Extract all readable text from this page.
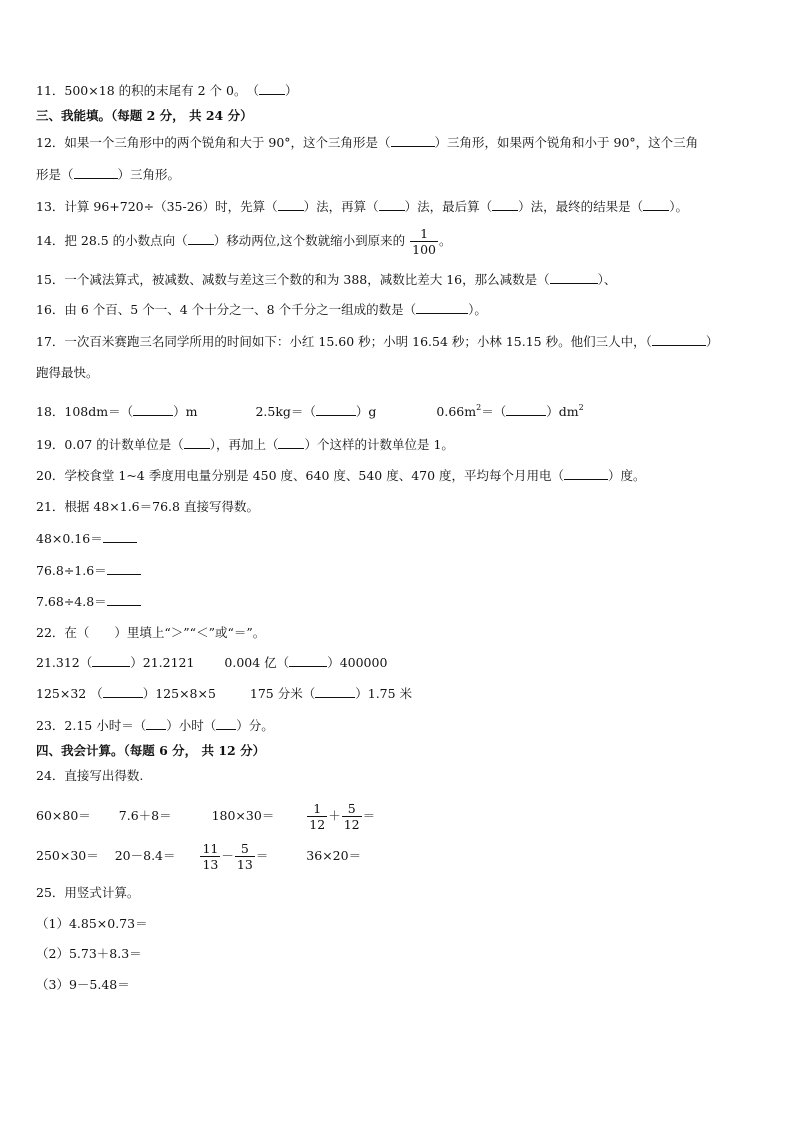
11．500×18 的积的末尾有 2 个 0。　（ ）
三、我能填。（每题 2 分， 共 24 分）
12．如果一个三角形中的两个锐角和大于 90°，这个三角形是（	）三角形，如果两个锐角和小于 90°，这个三角
形是（	）三角形。
13．计算 96+720÷（35-26）时，先算（ ）法，再算（ ）法，最后算（ ）法，最终的结果是（ ）。
14．把 28.5 的小数点向（ ）移动两位,这个数就缩小到原来的 $\frac{1}{100}$ 。
15．一个减法算式，被减数、减数与差这三个数的和为 388，减数比差大 16，那么减数是（	）、
16．由 6 个百、5 个一、4 个十分之一、8 个千分之一组成的数是（	）。
17．一次百米赛跑三名同学所用的时间如下：小红 15.60 秒；小明 16.54 秒；小林 15.15 秒。他们三人中，（	）
跑得最快。
18．108dm＝（	）m	2.5kg＝（	）g	$0.66m^2=$（	）$dm^2$
19．0.07 的计数单位是（ ），再加上（ ）个这样的计数单位是 1。
20．学校食堂 1~4 季度用电量分别是 450 度、640 度、540 度、470 度，平均每个月用电（	）度。
21．根据 48×1.6＝76.8 直接写得数。
48×0.16＝
76.8÷1.6＝
7.68÷4.8＝
22．在（　　）里填上“＞”“＜”或“＝”。
21.312（	）21.2121 0.004 亿（	）400000
125×32 （	）125×8×5	175 分米（	）1.75 米
23．2.15 小时＝（ ）小时（ ）分。
四、我会计算。（每题 6 分， 共 12 分）
24．直接写出得数.
60×80＝ 7.6＋8＝	180×30＝	$\frac{1}{12} + \frac{5}{12}$ ＝
$250\times 30= 20-8.4= \frac{11}{13} - \frac{5}{13}$ ＝	36×20＝
25．用竖式计算。
（1）4.85×0.73＝
（2）5.73＋8.3＝
（3）9－5.48＝
